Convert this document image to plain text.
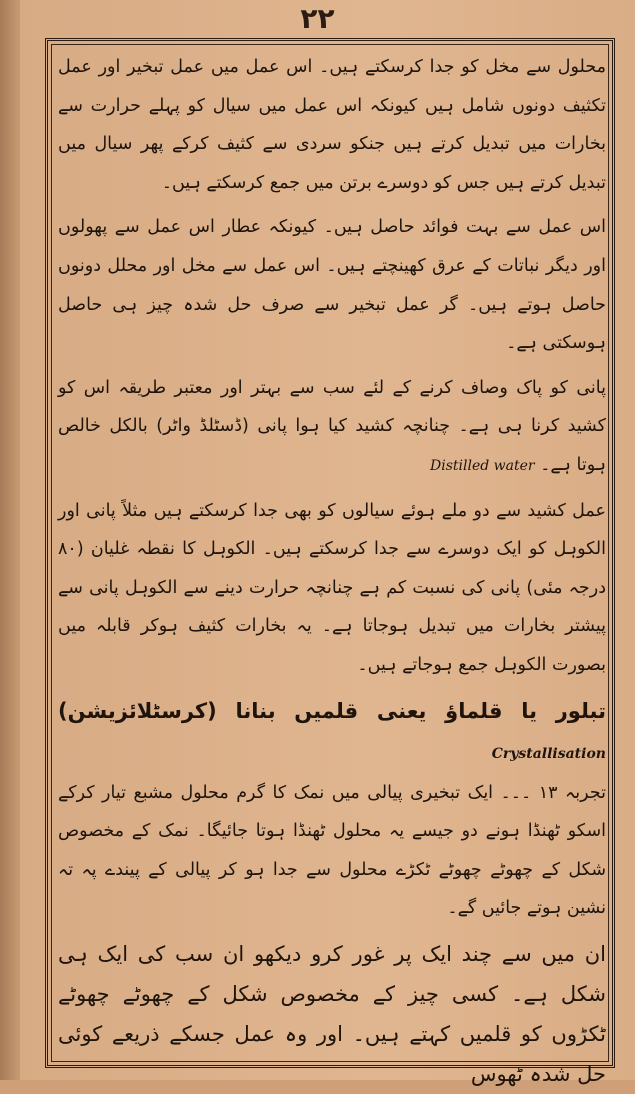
۲۲

محلول سے مخل کو جدا کرسکتے ہیں۔ اس عمل میں عمل تبخیر اور عمل تکثیف دونوں شامل ہیں کیونکہ اس عمل میں سیال کو پہلے حرارت سے بخارات میں تبدیل کرتے ہیں جنکو سردی سے کثیف کرکے پھر سیال میں تبدیل کرتے ہیں جس کو دوسرے برتن میں جمع کرسکتے ہیں۔

اس عمل سے بہت فوائد حاصل ہیں۔ کیونکہ عطار اس عمل سے پھولوں اور دیگر نباتات کے عرق کھینچتے ہیں۔ اس عمل سے مخل اور محلل دونوں حاصل ہوتے ہیں۔ گر عمل تبخیر سے صرف حل شدہ چیز ہی حاصل ہوسکتی ہے۔

پانی کو پاک وصاف کرنے کے لئے سب سے بہتر اور معتبر طریقہ اس کو کشید کرنا ہی ہے۔ چنانچہ کشید کیا ہوا پانی (ڈسٹلڈ واٹر) بالکل خالص ہوتا ہے۔ Distilled water

عمل کشید سے دو ملے ہوئے سیالوں کو بھی جدا کرسکتے ہیں مثلاً پانی اور الکوہل کو ایک دوسرے سے جدا کرسکتے ہیں۔ الکوہل کا نقطہ غلیان (۸۰ درجہ مئی) پانی کی نسبت کم ہے چنانچہ حرارت دینے سے الکوہل پانی سے پیشتر بخارات میں تبدیل ہوجاتا ہے۔ یہ بخارات کثیف ہوکر قابلہ میں بصورت الکوہل جمع ہوجاتے ہیں۔

تبلور یا قلماؤ یعنی قلمیں بنانا (کرسٹلائزیشن) Crystallisation

تجربہ ۱۳ ۔۔۔ ایک تبخیری پیالی میں نمک کا گرم محلول مشبع تیار کرکے اسکو ٹھنڈا ہونے دو جیسے یہ محلول ٹھنڈا ہوتا جائیگا۔ نمک کے مخصوص شکل کے چھوٹے چھوٹے ٹکڑے محلول سے جدا ہو کر پیالی کے پیندے پہ تہ نشین ہوتے جائیں گے۔

ان میں سے چند ایک پر غور کرو دیکھو ان سب کی ایک ہی شکل ہے۔ کسی چیز کے مخصوص شکل کے چھوٹے چھوٹے ٹکڑوں کو قلمیں کہتے ہیں۔ اور وہ عمل جسکے ذریعے کوئی حل شدہ ٹھوس
